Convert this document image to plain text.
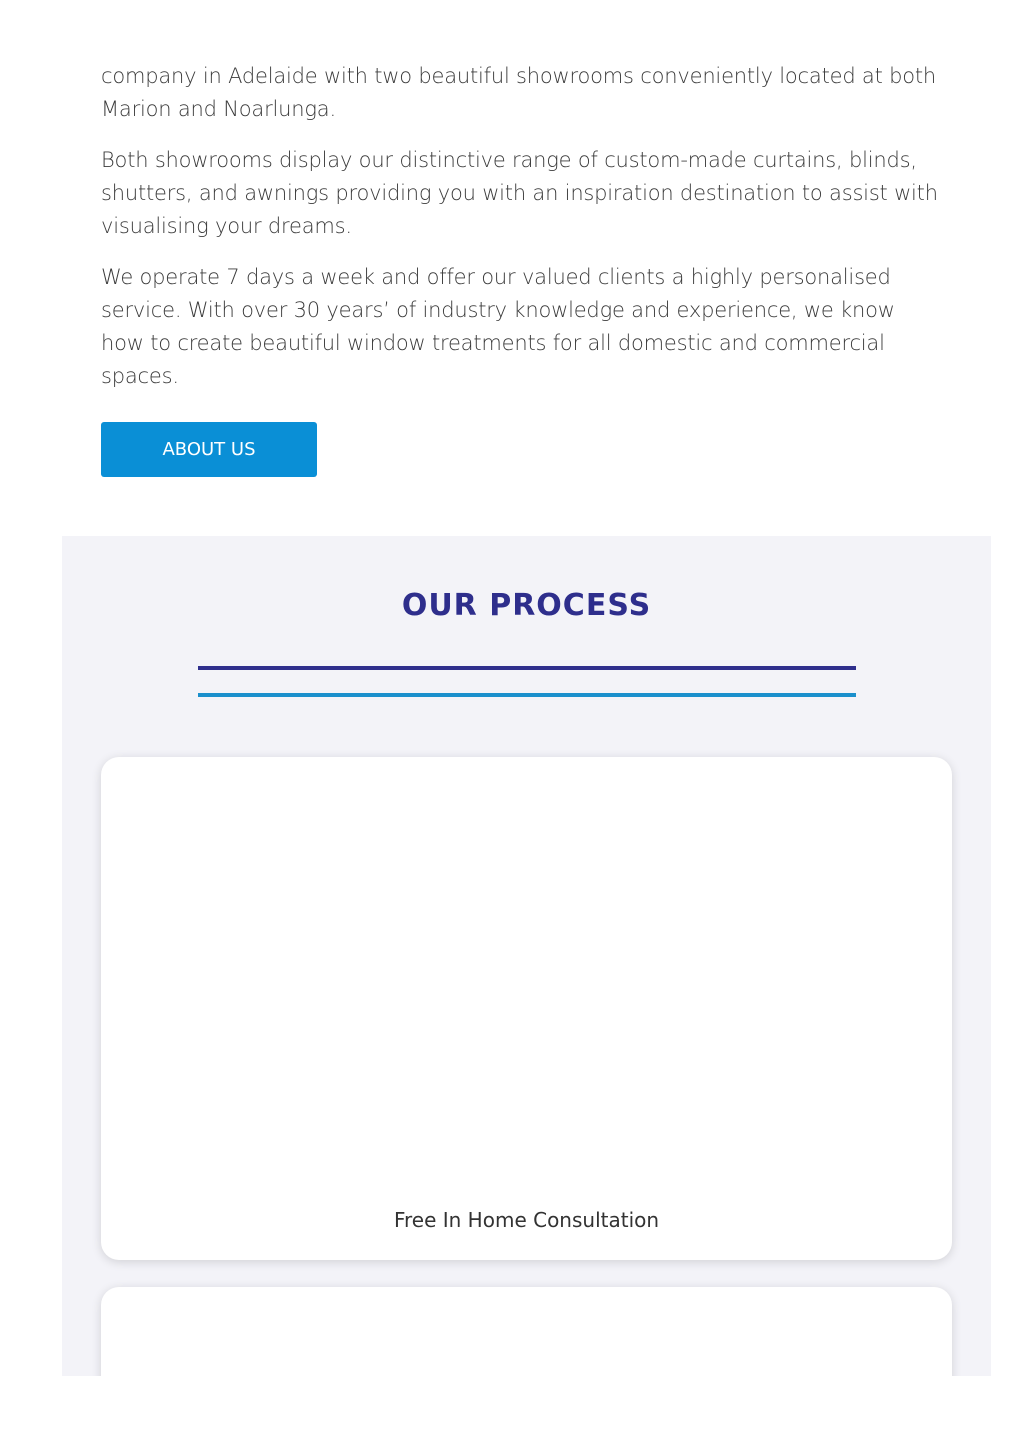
company in Adelaide with two beautiful showrooms conveniently located at both Marion and Noarlunga.

Both showrooms display our distinctive range of custom-made curtains, blinds, shutters, and awnings providing you with an inspiration destination to assist with visualising your dreams.

We operate 7 days a week and offer our valued clients a highly personalised service. With over 30 years’ of industry knowledge and experience, we know how to create beautiful window treatments for all domestic and commercial spaces.

ABOUT US
OUR PROCESS
Free In Home Consultation
